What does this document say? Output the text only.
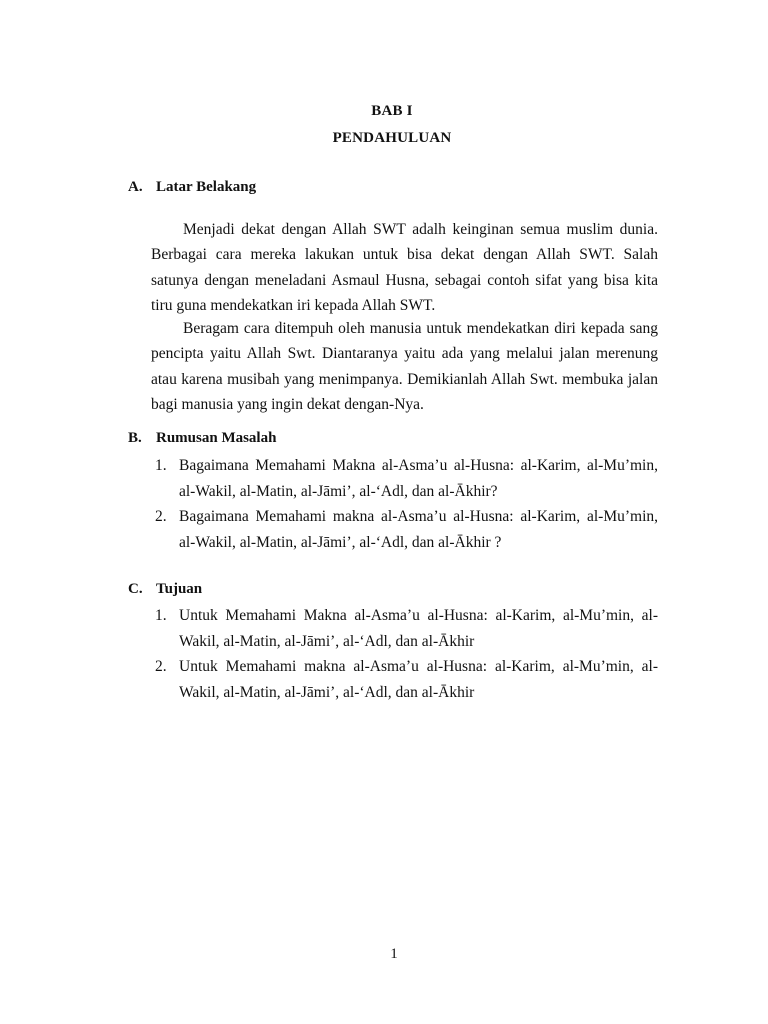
BAB I
PENDAHULUAN
A. Latar Belakang

Menjadi dekat dengan Allah SWT adalh keinginan semua muslim dunia. Berbagai cara mereka lakukan untuk bisa dekat dengan Allah SWT. Salah satunya dengan meneladani Asmaul Husna, sebagai contoh sifat yang bisa kita tiru guna mendekatkan iri kepada Allah SWT.

Beragam cara ditempuh oleh manusia untuk mendekatkan diri kepada sang pencipta yaitu Allah Swt. Diantaranya yaitu ada yang melalui jalan merenung atau karena musibah yang menimpanya. Demikianlah Allah Swt. membuka jalan bagi manusia yang ingin dekat dengan-Nya.

B. Rumusan Masalah
1. Bagaimana Memahami Makna al-Asma’u al-Husna: al-Karim, al-Mu’min, al-Wakil, al-Matin, al-Jāmi’, al-‘Adl, dan al-Ākhir?
2. Bagaimana Memahami makna al-Asma’u al-Husna: al-Karim, al-Mu’min, al-Wakil, al-Matin, al-Jāmi’, al-‘Adl, dan al-Ākhir ?
C. Tujuan
1. Untuk Memahami Makna al-Asma’u al-Husna: al-Karim, al-Mu’min, al-Wakil, al-Matin, al-Jāmi’, al-‘Adl, dan al-Ākhir
2. Untuk Memahami makna al-Asma’u al-Husna: al-Karim, al-Mu’min, al-Wakil, al-Matin, al-Jāmi’, al-‘Adl, dan al-Ākhir
1
